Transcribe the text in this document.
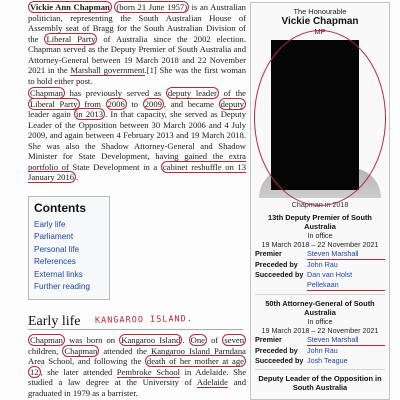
Vickie Ann Chapman (born 21 June 1957) is an Australian politician, representing the South Australian House of Assembly seat of Bragg for the South Australian Division of the Liberal Party of Australia since the 2002 election. Chapman served as the Deputy Premier of South Australia and Attorney-General between 19 March 2018 and 22 November 2021 in the Marshall government.[1] She was the first woman to hold either post.

Chapman has previously served as deputy leader of the Liberal Party from 2006 to 2009 , and became deputy leader again in 2013 . In that capacity, she served as Deputy Leader of the Opposition between 30 March 2006 and 4 July 2009, and again between 4 February 2013 and 19 March 2018. She was also the Shadow Attorney-General and Shadow Minister for State Development, having gained the extra portfolio of State Development in a cabinet reshuffle on 13 January 2016 .

Contents
Early life
Parliament
Personal life
References
External links
Further reading
Early life	KANGAROO ISLAND.

Chapman was born on Kangaroo Island . One of seven children, Chapman attended the Kangaroo Island Parndana Area School, and following the death of her mother at age 12 , she later attended Pembroke School in Adelaide. She studied a law degree at the University of Adelaide and graduated in 1979 as a barrister.

The Honourable
Vickie Chapman
MP
Chapman in 2018
13th Deputy Premier of South Australia
In office
19 March 2018 – 22 November 2021
Premier	Steven Marshall
Preceded by	John Rau
Succeeded by Dan van Holst Pellekaan
50th Attorney-General of South Australia
In office
19 March 2018 – 22 November 2021
Premier	Steven Marshall
Preceded by	John Rau
Succeeded by Josh Teague
Deputy Leader of the Opposition in South Australia
